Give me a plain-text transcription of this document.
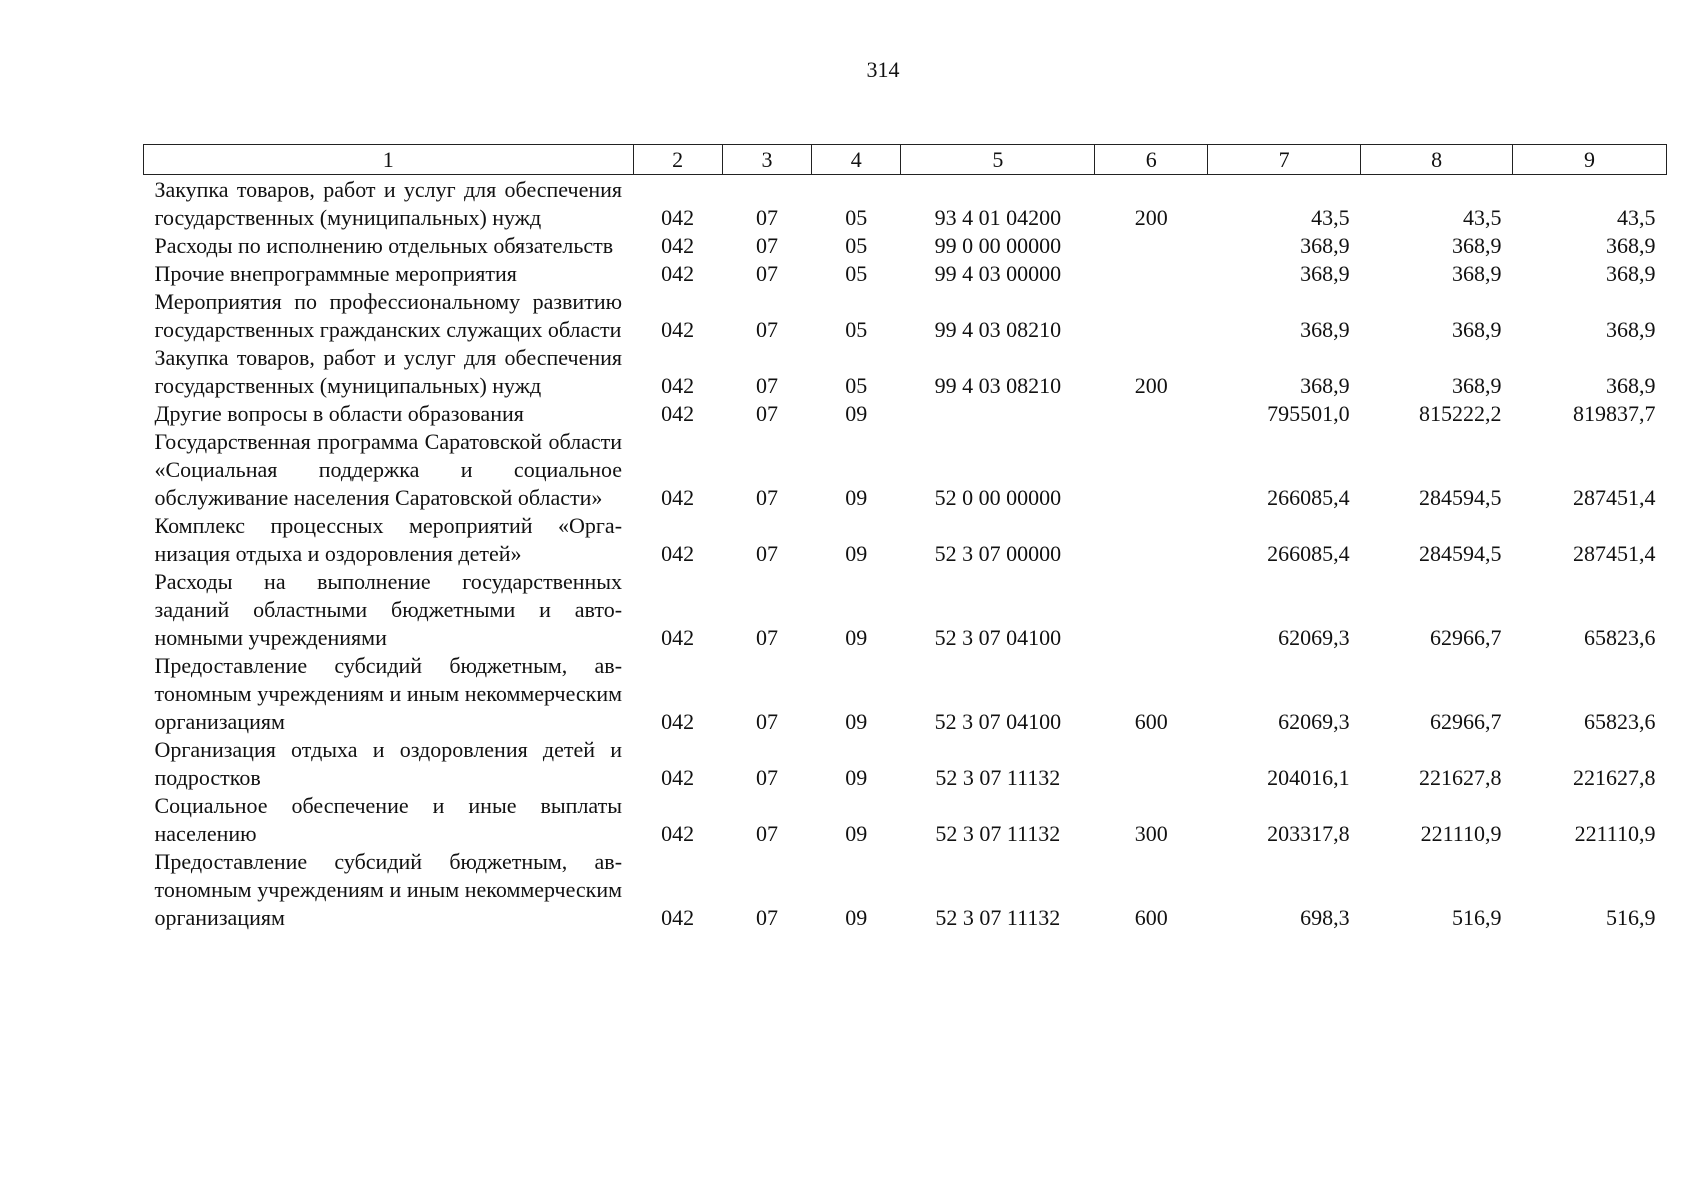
314
1	2	3	4	5	6	7	8	9
Закупка товаров, работ и услуг для обеспечения государственных (муниципальных) нужд	042	07	05	93 4 01 04200	200	43,5	43,5	43,5
Расходы по исполнению отдельных обязательств	042	07	05	99 0 00 00000		368,9	368,9	368,9
Прочие внепрограммные мероприятия	042	07	05	99 4 03 00000		368,9	368,9	368,9
Мероприятия по профессиональному развитию государственных гражданских служащих области	042	07	05	99 4 03 08210		368,9	368,9	368,9
Закупка товаров, работ и услуг для обеспечения государственных (муниципальных) нужд	042	07	05	99 4 03 08210	200	368,9	368,9	368,9
Другие вопросы в области образования	042	07	09			795501,0	815222,2	819837,7
Государственная программа Саратовской области «Социальная поддержка и социальное обслуживание населения Саратовской области»	042	07	09	52 0 00 00000		266085,4	284594,5	287451,4
Комплекс процессных мероприятий «Организация отдыха и оздоровления детей»	042	07	09	52 3 07 00000		266085,4	284594,5	287451,4
Расходы на выполнение государственных заданий областными бюджетными и автономными учреждениями	042	07	09	52 3 07 04100		62069,3	62966,7	65823,6
Предоставление субсидий бюджетным, автономным учреждениям и иным некоммерческим организациям	042	07	09	52 3 07 04100	600	62069,3	62966,7	65823,6
Организация отдыха и оздоровления детей и подростков	042	07	09	52 3 07 11132		204016,1	221627,8	221627,8
Социальное обеспечение и иные выплаты населению	042	07	09	52 3 07 11132	300	203317,8	221110,9	221110,9
Предоставление субсидий бюджетным, автономным учреждениям и иным некоммерческим организациям	042	07	09	52 3 07 11132	600	698,3	516,9	516,9
